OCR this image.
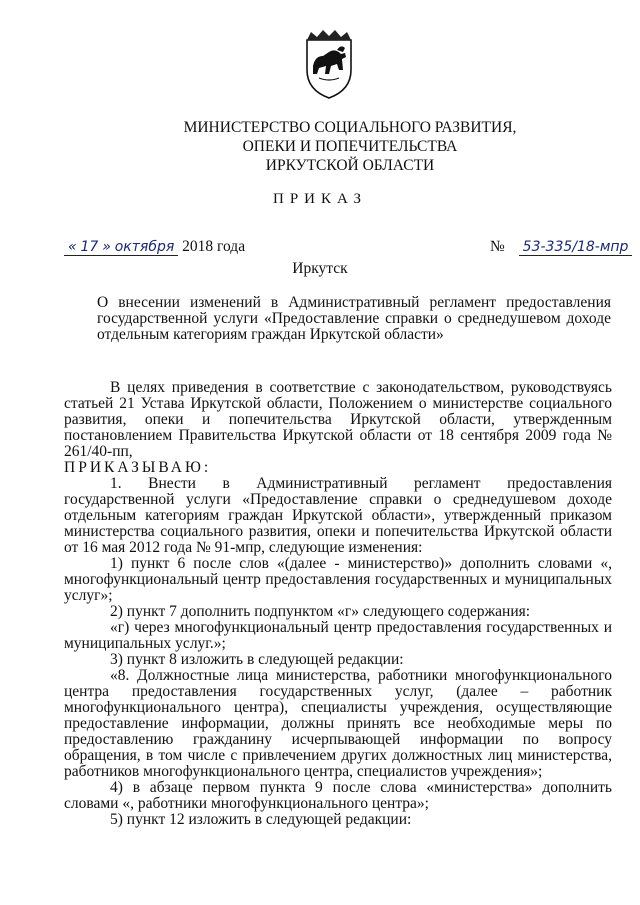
МИНИСТЕРСТВО СОЦИАЛЬНОГО РАЗВИТИЯ,
ОПЕКИ И ПОПЕЧИТЕЛЬСТВА
ИРКУТСКОЙ ОБЛАСТИ
ПРИКАЗ
« 17 » октября 2018 года	№ 53-335/18-мпр
Иркутск
О внесении изменений в Административный регламент предоставления государственной услуги «Предоставление справки о среднедушевом доходе отдельным категориям граждан Иркутской области»

В целях приведения в соответствие с законодательством, руководствуясь статьей 21 Устава Иркутской области, Положением о министерстве социального развития, опеки и попечительства Иркутской области, утвержденным постановлением Правительства Иркутской области от 18 сентября 2009 года № 261/40-пп,

ПРИКАЗЫВАЮ:

1. Внести в Административный регламент предоставления государственной услуги «Предоставление справки о среднедушевом доходе отдельным категориям граждан Иркутской области», утвержденный приказом министерства социального развития, опеки и попечительства Иркутской области от 16 мая 2012 года № 91-мпр, следующие изменения:

1) пункт 6 после слов «(далее - министерство)» дополнить словами «, многофункциональный центр предоставления государственных и муниципальных услуг»;

2) пункт 7 дополнить подпунктом «г» следующего содержания:

«г) через многофункциональный центр предоставления государственных и муниципальных услуг.»;

3) пункт 8 изложить в следующей редакции:

«8. Должностные лица министерства, работники многофункционального центра предоставления государственных услуг, (далее – работник многофункционального центра), специалисты учреждения, осуществляющие предоставление информации, должны принять все необходимые меры по предоставлению гражданину исчерпывающей информации по вопросу обращения, в том числе с привлечением других должностных лиц министерства, работников многофункционального центра, специалистов учреждения»;

4) в абзаце первом пункта 9 после слова «министерства» дополнить словами «, работники многофункционального центра»;

5) пункт 12 изложить в следующей редакции:
